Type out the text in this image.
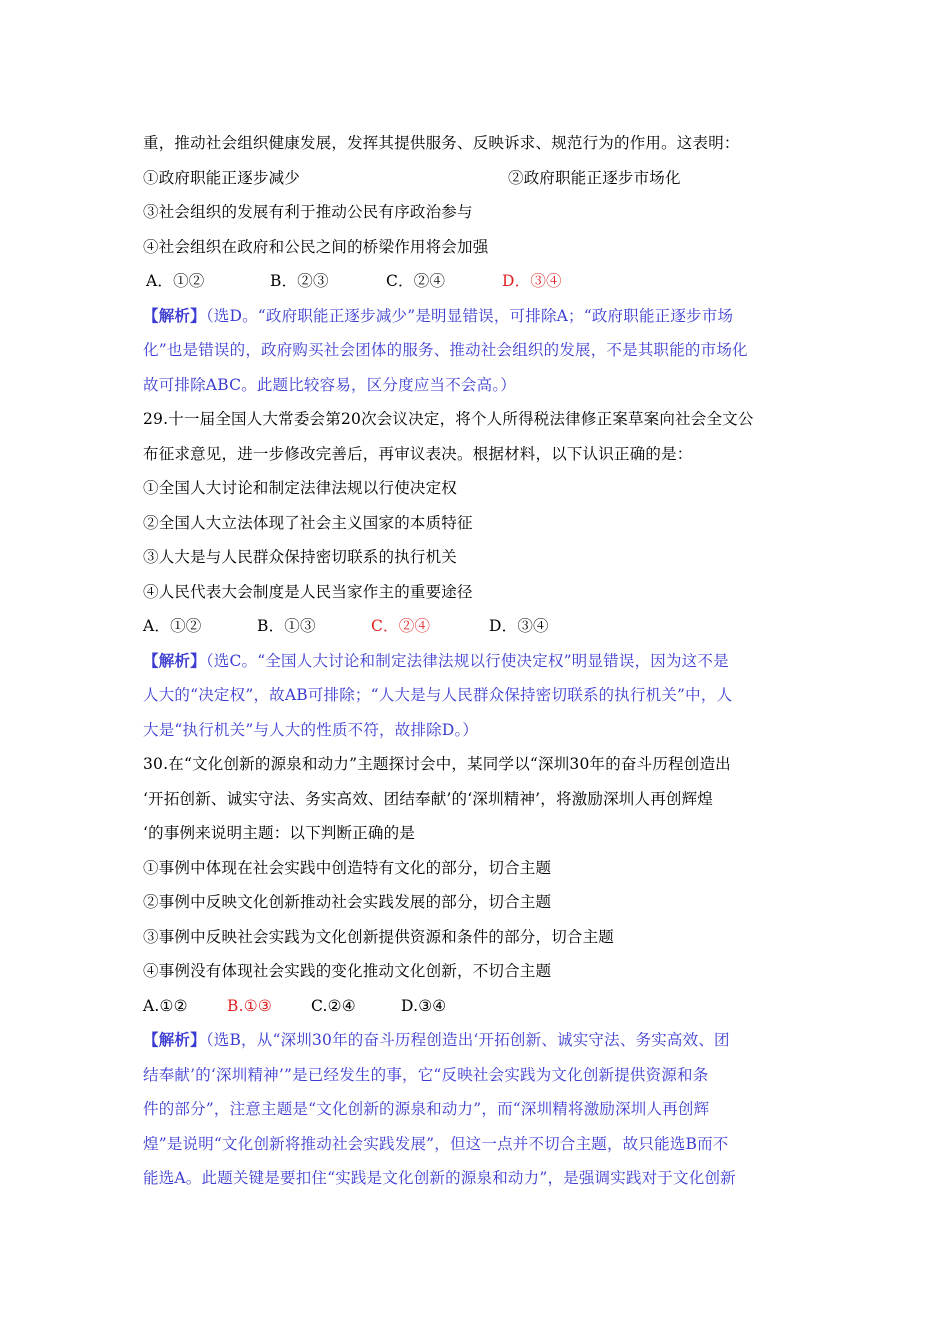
重，推动社会组织健康发展，发挥其提供服务、反映诉求、规范行为的作用。这表明：
①政府职能正逐步减少	②政府职能正逐步市场化
③社会组织的发展有利于推动公民有序政治参与
④社会组织在政府和公民之间的桥梁作用将会加强
A．①②	B．②③	C．②④	D．③④
【解析】（选D。“政府职能正逐步减少”是明显错误，可排除A；“政府职能正逐步市场
化”也是错误的，政府购买社会团体的服务、推动社会组织的发展，不是其职能的市场化
故可排除ABC。此题比较容易，区分度应当不会高。）
29.十一届全国人大常委会第20次会议决定，将个人所得税法律修正案草案向社会全文公
布征求意见，进一步修改完善后，再审议表决。根据材料，以下认识正确的是：
①全国人大讨论和制定法律法规以行使决定权
②全国人大立法体现了社会主义国家的本质特征
③人大是与人民群众保持密切联系的执行机关
④人民代表大会制度是人民当家作主的重要途径
A．①②	B．①③	C．②④	D．③④
【解析】（选C。“全国人大讨论和制定法律法规以行使决定权”明显错误，因为这不是
人大的“决定权”，故AB可排除；“人大是与人民群众保持密切联系的执行机关”中，人
大是“执行机关”与人大的性质不符，故排除D。）
30.在“文化创新的源泉和动力”主题探讨会中，某同学以“深圳30年的奋斗历程创造出
‘开拓创新、诚实守法、务实高效、团结奉献’的‘深圳精神’，将激励深圳人再创辉煌
‘的事例来说明主题：以下判断正确的是
①事例中体现在社会实践中创造特有文化的部分，切合主题
②事例中反映文化创新推动社会实践发展的部分，切合主题
③事例中反映社会实践为文化创新提供资源和条件的部分，切合主题
④事例没有体现社会实践的变化推动文化创新，不切合主题
A.①②	B.①③	C.②④	D.③④
【解析】（选B，从“深圳30年的奋斗历程创造出‘开拓创新、诚实守法、务实高效、团
结奉献’的‘深圳精神’”是已经发生的事，它“反映社会实践为文化创新提供资源和条
件的部分”，注意主题是“文化创新的源泉和动力”，而“深圳精将激励深圳人再创辉
煌”是说明“文化创新将推动社会实践发展”，但这一点并不切合主题，故只能选B而不
能选A。此题关键是要扣住“实践是文化创新的源泉和动力”，是强调实践对于文化创新
